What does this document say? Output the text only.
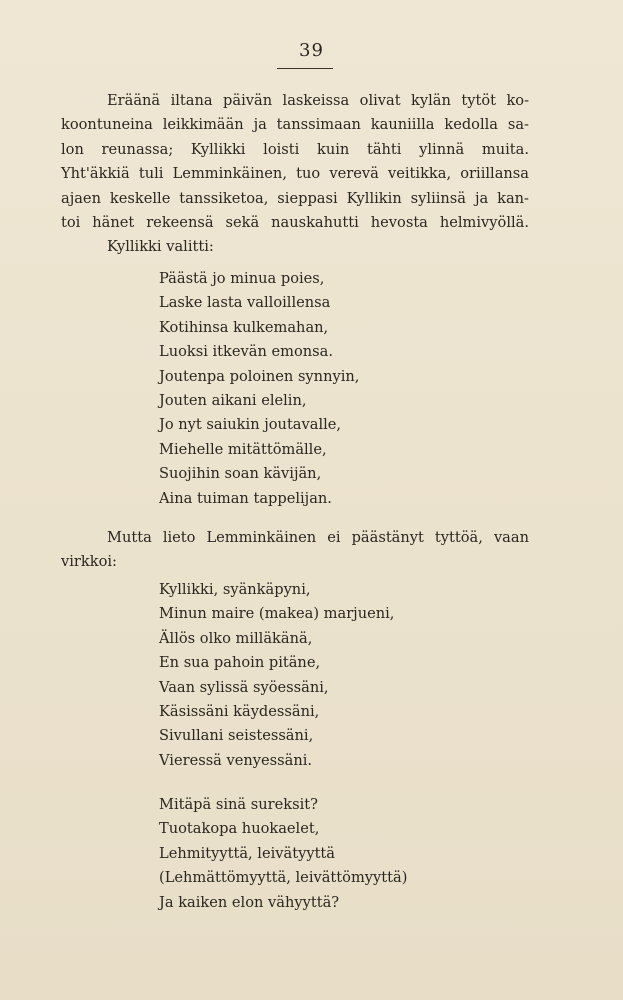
39
Eräänä iltana päivän laskeissa olivat kylän tytöt ko-
koontuneina leikkimään ja tanssimaan kauniilla kedolla sa-
lon reunassa; Kyllikki loisti kuin tähti ylinnä muita.
Yht'äkkiä tuli Lemminkäinen, tuo verevä veitikka, oriillansa
ajaen keskelle tanssiketoa, sieppasi Kyllikin syliinsä ja kan-
toi hänet rekeensä sekä nauskahutti hevosta helmivyöllä.
Kyllikki valitti:
Päästä jo minua poies,
Laske lasta valloillensa
Kotihinsa kulkemahan,
Luoksi itkevän emonsa.
Joutenpa poloinen synnyin,
Jouten aikani elelin,
Jo nyt saiukin joutavalle,
Miehelle mitättömälle,
Suojihin soan kävijän,
Aina tuiman tappelijan.
Mutta lieto Lemminkäinen ei päästänyt tyttöä, vaan
virkkoi:
Kyllikki, syänkäpyni,
Minun maire (makea) marjueni,
Ällös olko milläkänä,
En sua pahoin pitäne,
Vaan sylissä syöessäni,
Käsissäni käydessäni,
Sivullani seistessäni,
Vieressä venyessäni.
Mitäpä sinä sureksit?
Tuotakopa huokaelet,
Lehmityyttä, leivätyyttä
(Lehmättömyyttä, leivättömyyttä)
Ja kaiken elon vähyyttä?
